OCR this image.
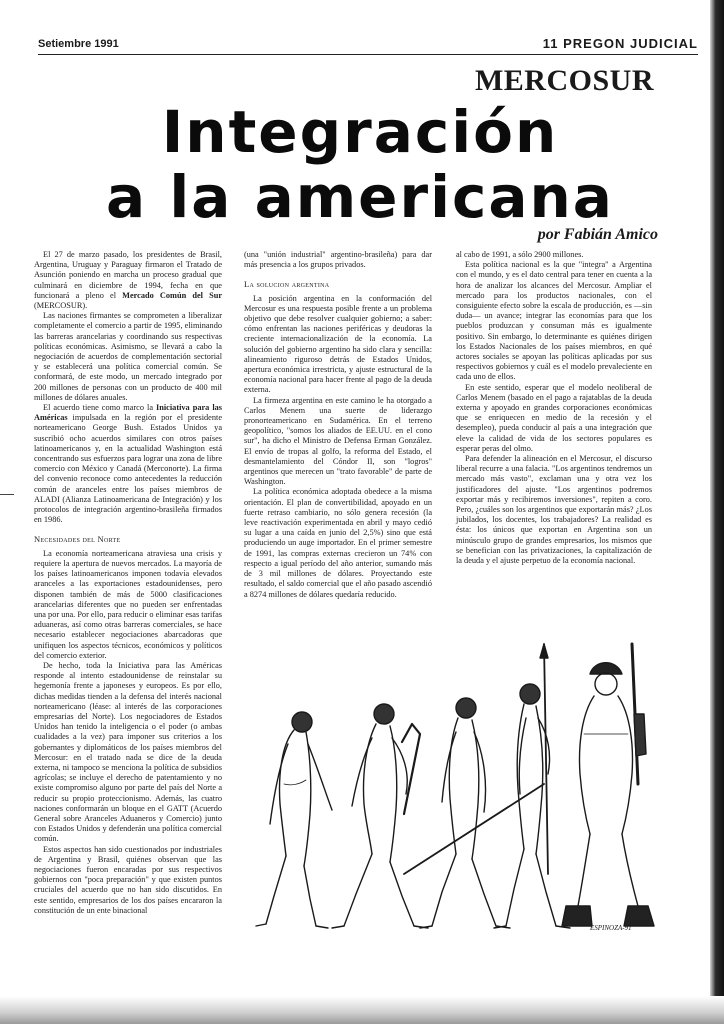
Setiembre 1991	11 PREGON JUDICIAL
MERCOSUR
Integración
a la americana
por Fabián Amico

El 27 de marzo pasado, los presidentes de Brasil, Argentina, Uruguay y Paraguay firmaron el Tratado de Asunción poniendo en marcha un proceso gradual que culminará en diciembre de 1994, fecha en que funcionará a pleno el Mercado Común del Sur (MERCOSUR).

Las naciones firmantes se comprometen a liberalizar completamente el comercio a partir de 1995, eliminando las barreras arancelarias y coordinando sus respectivas políticas económicas. Asimismo, se llevará a cabo la negociación de acuerdos de complementación sectorial y se establecerá una política comercial común. Se conformará, de este modo, un mercado integrado por 200 millones de personas con un producto de 400 mil millones de dólares anuales.

El acuerdo tiene como marco la Iniciativa para las Américas impulsada en la región por el presidente norteamericano George Bush. Estados Unidos ya suscribió ocho acuerdos similares con otros países latinoamericanos y, en la actualidad Washington está concentrando sus esfuerzos para lograr una zona de libre comercio con México y Canadá (Merconorte). La firma del convenio reconoce como antecedentes la reducción común de aranceles entre los países miembros de ALADI (Alianza Latinoamericana de Integración) y los protocolos de integración argentino-brasileña firmados en 1986.

Necesidades del Norte

La economía norteamericana atraviesa una crisis y requiere la apertura de nuevos mercados. La mayoría de los países latinoamericanos imponen todavía elevados aranceles a las exportaciones estadounidenses, pero disponen también de más de 5000 clasificaciones arancelarias diferentes que no pueden ser enfrentadas una por una. Por ello, para reducir o eliminar esas tarifas aduaneras, así como otras barreras comerciales, se hace necesario establecer negociaciones abarcadoras que unifiquen los aspectos técnicos, económicos y políticos del comercio exterior.

De hecho, toda la Iniciativa para las Américas responde al intento estadounidense de reinstalar su hegemonía frente a japoneses y europeos. Es por ello, dichas medidas tienden a la defensa del interés nacional norteamericano (léase: al interés de las corporaciones empresarias del Norte). Los negociadores de Estados Unidos han tenido la inteligencia o el poder (o ambas cualidades a la vez) para imponer sus criterios a los gobernantes y diplomáticos de los países miembros del Mercosur: en el tratado nada se dice de la deuda externa, ni tampoco se menciona la política de subsidios agrícolas; se incluye el derecho de patentamiento y no existe compromiso alguno por parte del país del Norte a reducir su propio proteccionismo. Además, las cuatro naciones conformarán un bloque en el GATT (Acuerdo General sobre Aranceles Aduaneros y Comercio) junto con Estados Unidos y defenderán una política comercial común.

Estos aspectos han sido cuestionados por industriales de Argentina y Brasil, quiénes observan que las negociaciones fueron encaradas por sus respectivos gobiernos con "poca preparación" y que existen puntos cruciales del acuerdo que no han sido discutidos. En este sentido, empresarios de los dos países encararon la constitución de un ente binacional

(una "unión industrial" argentino-brasileña) para dar más presencia a los grupos privados.

La solucion argentina

La posición argentina en la conformación del Mercosur es una respuesta posible frente a un problema objetivo que debe resolver cualquier gobierno; a saber: cómo enfrentan las naciones periféricas y deudoras la creciente internacionalización de la economía. La solución del gobierno argentino ha sido clara y sencilla: alineamiento riguroso detrás de Estados Unidos, apertura económica irrestricta, y ajuste estructural de la economía nacional para hacer frente al pago de la deuda externa.

La firmeza argentina en este camino le ha otorgado a Carlos Menem una suerte de liderazgo pronorteamericano en Sudamérica. En el terreno geopolítico, "somos los aliados de EE.UU. en el cono sur", ha dicho el Ministro de Defensa Erman González. El envío de tropas al golfo, la reforma del Estado, el desmantelamiento del Cóndor II, son "logros" argentinos que merecen un "trato favorable" de parte de Washington.

La política económica adoptada obedece a la misma orientación. El plan de convertibilidad, apoyado en un fuerte retraso cambiario, no sólo genera recesión (la leve reactivación experimentada en abril y mayo cedió su lugar a una caída en junio del 2,5%) sino que está produciendo un auge importador. En el primer semestre de 1991, las compras externas crecieron un 74% con respecto a igual período del año anterior, sumando más de 3 mil millones de dólares. Proyectando este resultado, el saldo comercial que el año pasado ascendió a 8274 millones de dólares quedaría reducido.

al cabo de 1991, a sólo 2900 millones.

Esta política nacional es la que "integra" a Argentina con el mundo, y es el dato central para tener en cuenta a la hora de analizar los alcances del Mercosur. Ampliar el mercado para los productos nacionales, con el consiguiente efecto sobre la escala de producción, es —sin duda— un avance; integrar las economías para que los pueblos produzcan y consuman más es igualmente positivo. Sin embargo, lo determinante es quiénes dirigen los Estados Nacionales de los países miembros, en qué actores sociales se apoyan las políticas aplicadas por sus respectivos gobiernos y cuál es el modelo prevaleciente en cada uno de ellos.

En este sentido, esperar que el modelo neoliberal de Carlos Menem (basado en el pago a rajatablas de la deuda externa y apoyado en grandes corporaciones económicas que se enriquecen en medio de la recesión y el desempleo), pueda conducir al país a una integración que eleve la calidad de vida de los sectores populares es esperar peras del olmo.

Para defender la alineación en el Mercosur, el discurso liberal recurre a una falacia. "Los argentinos tendremos un mercado más vasto", exclaman una y otra vez los justificadores del ajuste. "Los argentinos podremos exportar más y recibiremos inversiones", repiten a coro. Pero, ¿cuáles son los argentinos que exportarán más? ¿Los jubilados, los docentes, los trabajadores? La realidad es ésta: los únicos que exportan en Argentina son un minúsculo grupo de grandes empresarios, los mismos que se benefician con las privatizaciones, la capitalización de la deuda y el ajuste perpetuo de la economía nacional.

ESPINOZA-91
